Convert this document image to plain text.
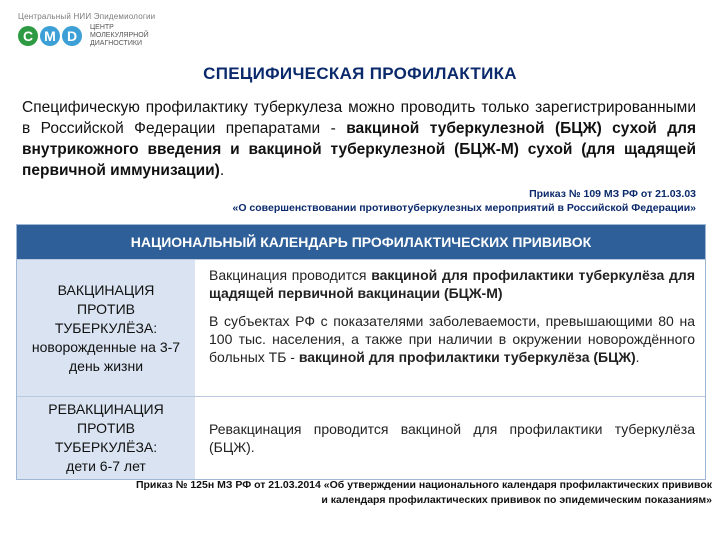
Центральный НИИ Эпидемиологии
C M D
ЦЕНТР
МОЛЕКУЛЯРНОЙ
ДИАГНОСТИКИ
СПЕЦИФИЧЕСКАЯ ПРОФИЛАКТИКА
Специфическую профилактику туберкулеза можно проводить только зарегистрированными в Российской Федерации препаратами - вакциной туберкулезной (БЦЖ) сухой для внутрикожного введения и вакциной туберкулезной (БЦЖ-М) сухой (для щадящей первичной иммунизации).
Приказ № 109 МЗ РФ от 21.03.03
«О совершенствовании противотуберкулезных мероприятий в Российской Федерации»
НАЦИОНАЛЬНЫЙ КАЛЕНДАРЬ ПРОФИЛАКТИЧЕСКИХ ПРИВИВОК
ВАКЦИНАЦИЯ
ПРОТИВ
ТУБЕРКУЛЁЗА:
новорожденные на 3-7 день жизни

Вакцинация проводится вакциной для профилактики туберкулёза для щадящей первичной вакцинации (БЦЖ-М)

В субъектах РФ с показателями заболеваемости, превышающими 80 на 100 тыс. населения, а также при наличии в окружении новорождённого больных ТБ - вакциной для профилактики туберкулёза (БЦЖ).

РЕВАКЦИНАЦИЯ
ПРОТИВ
ТУБЕРКУЛЁЗА:
дети 6-7 лет

Ревакцинация проводится вакциной для профилактики туберкулёза (БЦЖ).

Приказ № 125н МЗ РФ от 21.03.2014 «Об утверждении национального календаря профилактических прививок
и календаря профилактических прививок по эпидемическим показаниям»
